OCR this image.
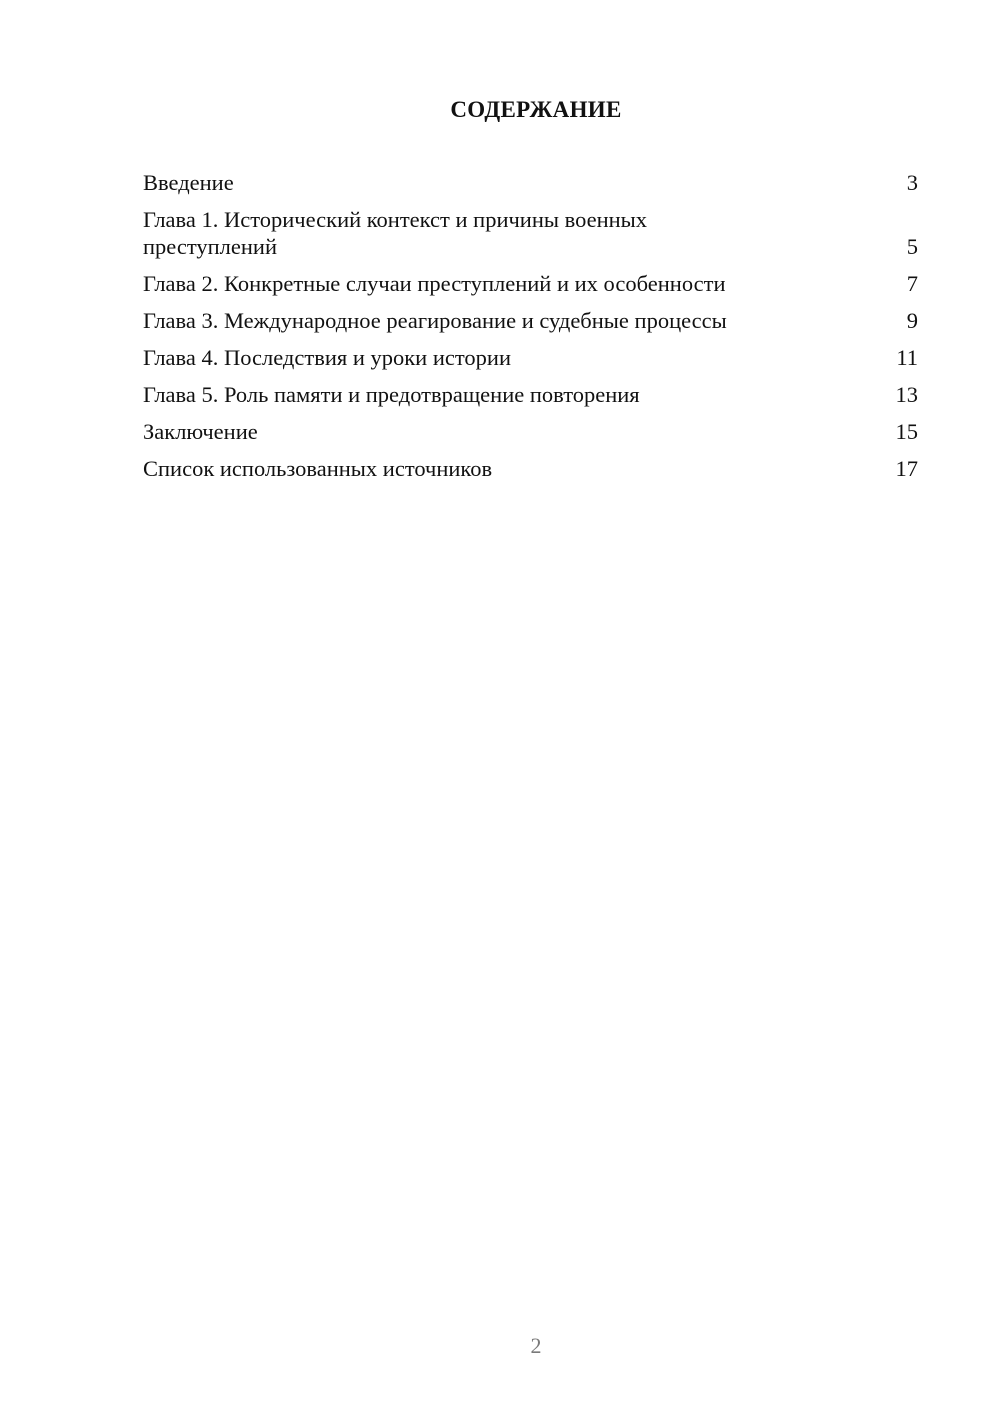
СОДЕРЖАНИЕ
Введение	3
Глава 1. Исторический контекст и причины военных преступлений	5
Глава 2. Конкретные случаи преступлений и их особенности	7
Глава 3. Международное реагирование и судебные процессы	9
Глава 4. Последствия и уроки истории	11
Глава 5. Роль памяти и предотвращение повторения	13
Заключение	15
Список использованных источников	17
2
